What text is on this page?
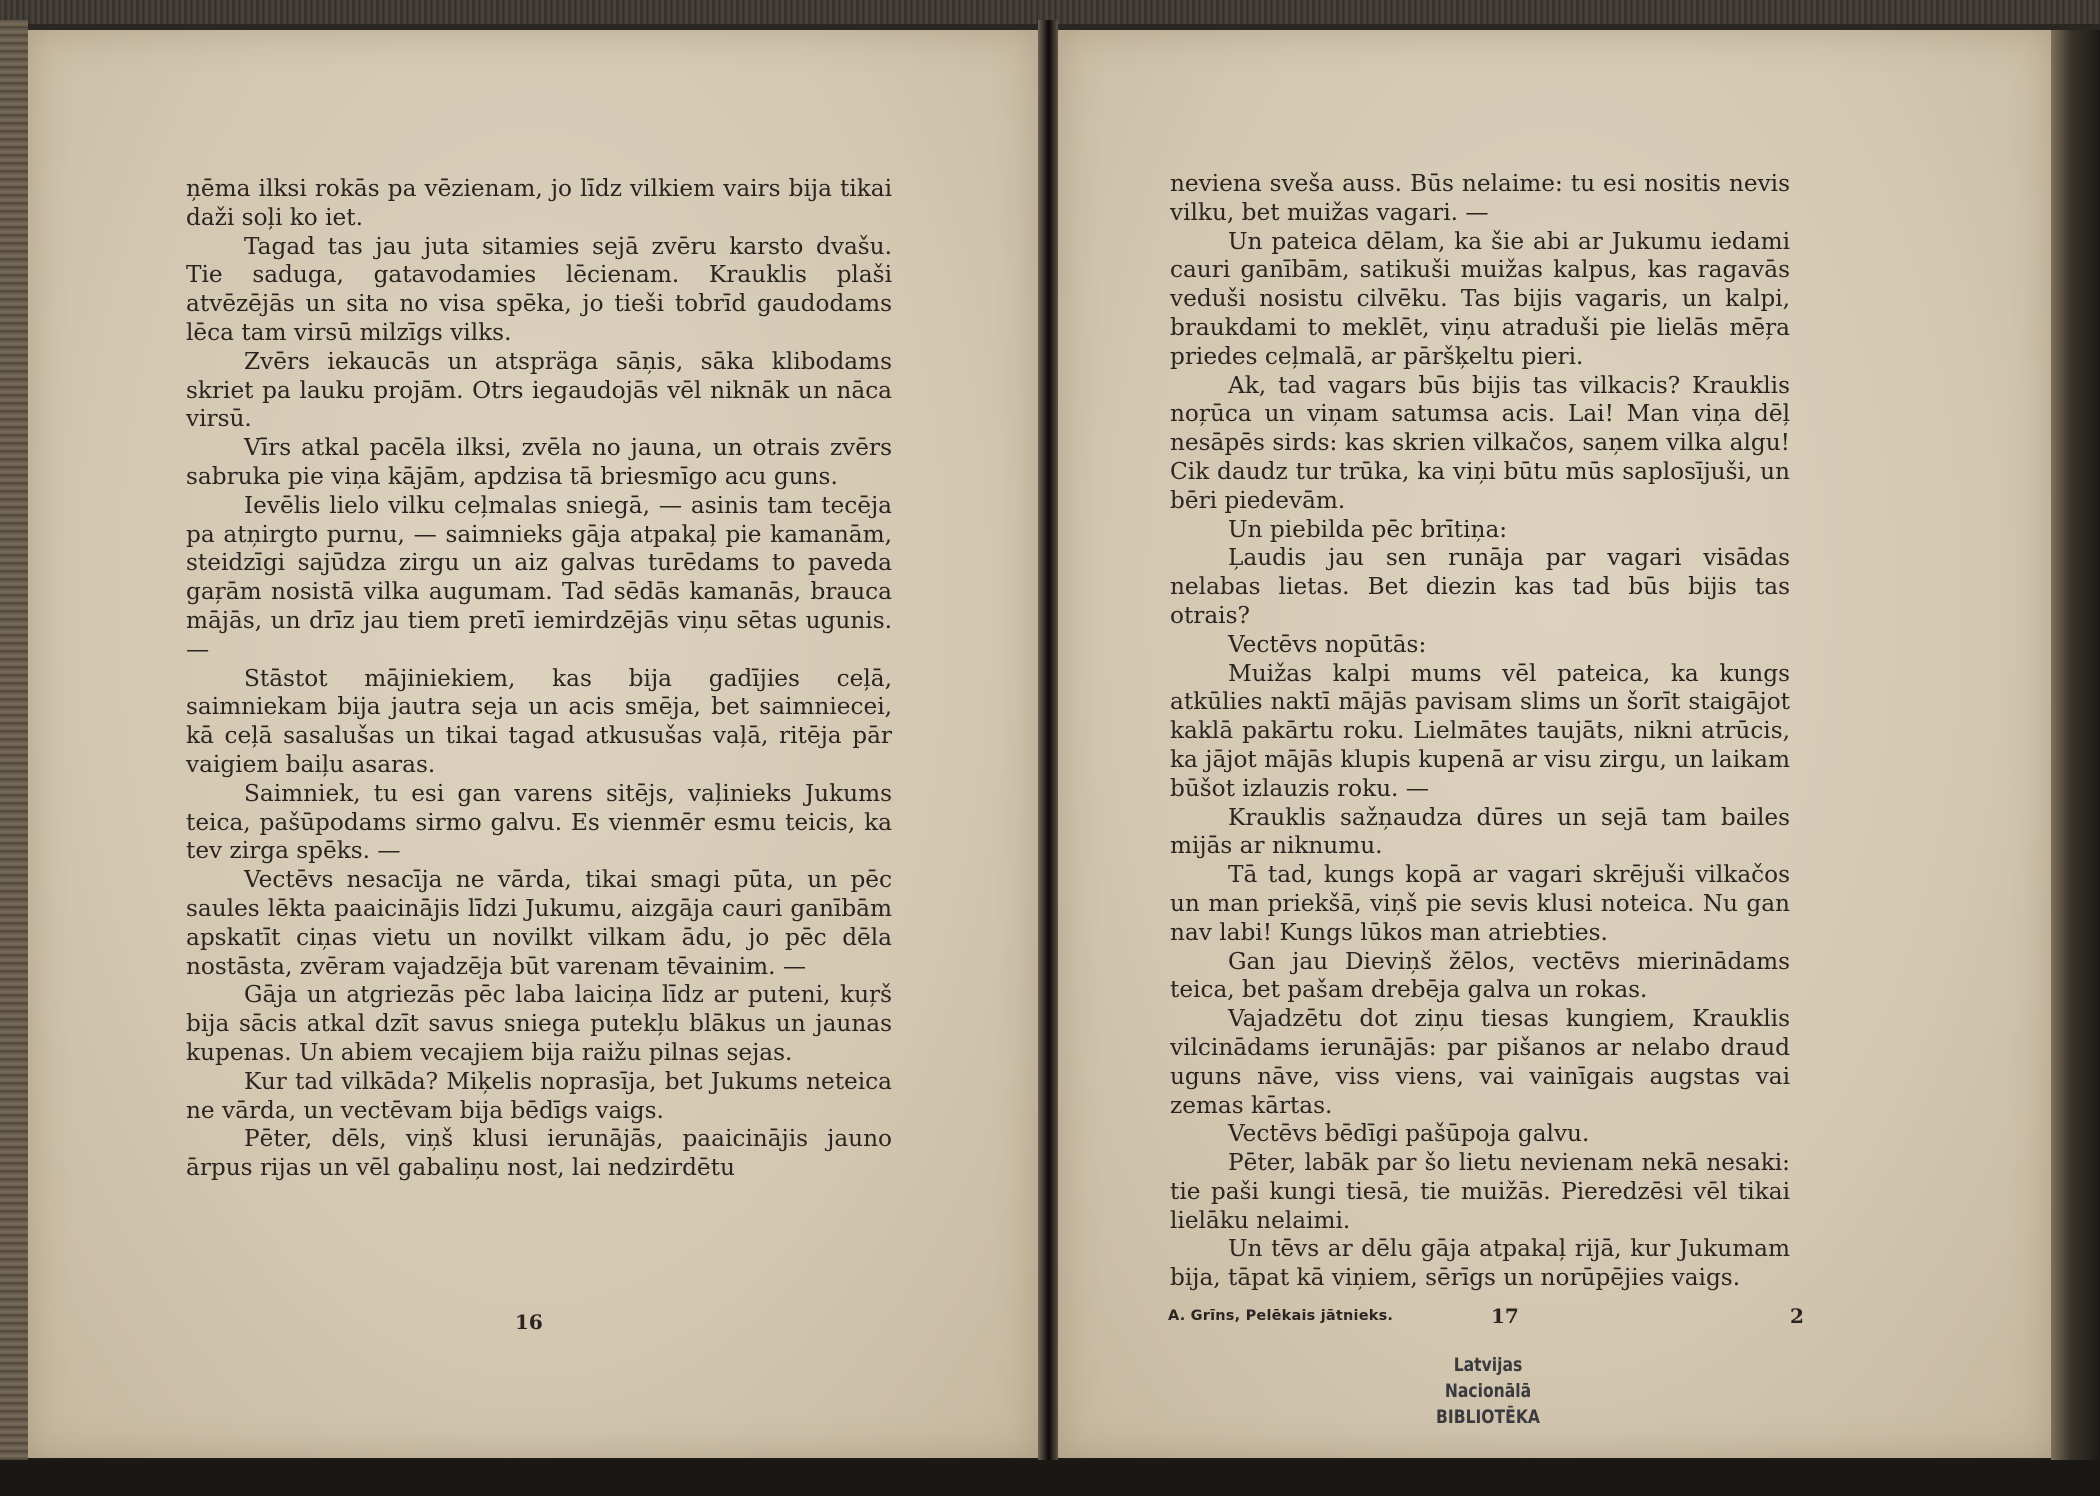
ņēma ilksi rokās pa vēzienam, jo līdz vilkiem vairs bija tikai daži soļi ko iet.

Tagad tas jau juta sitamies sejā zvēru karsto dvašu. Tie saduga, gatavodamies lēcienam. Krauklis plaši atvēzējās un sita no visa spēka, jo tieši tobrīd gaudodams lēca tam virsū milzīgs vilks.

Zvērs iekaucās un atspräga sāņis, sāka klibodams skriet pa lauku projām. Otrs iegaudojās vēl niknāk un nāca virsū.

Vīrs atkal pacēla ilksi, zvēla no jauna, un otrais zvērs sabruka pie viņa kājām, apdzisa tā briesmīgo acu guns.

Ievēlis lielo vilku ceļmalas sniegā, — asinis tam tecēja pa atņirgto purnu, — saimnieks gāja atpakaļ pie kamanām, steidzīgi sajūdza zirgu un aiz galvas turēdams to paveda gaŗām nosistā vilka augumam. Tad sēdās kamanās, brauca mājās, un drīz jau tiem pretī iemirdzējās viņu sētas ugunis. —

Stāstot mājiniekiem, kas bija gadījies ceļā, saimniekam bija jautra seja un acis smēja, bet saimniecei, kā ceļā sasalušas un tikai tagad atkusušas vaļā, ritēja pār vaigiem baiļu asaras.

Saimniek, tu esi gan varens sitējs, vaļinieks Jukums teica, pašūpodams sirmo galvu. Es vienmēr esmu teicis, ka tev zirga spēks. —

Vectēvs nesacīja ne vārda, tikai smagi pūta, un pēc saules lēkta paaicinājis līdzi Jukumu, aizgāja cauri ganībām apskatīt ciņas vietu un novilkt vilkam ādu, jo pēc dēla nostāsta, zvēram vajadzēja būt varenam tēvainim. —

Gāja un atgriezās pēc laba laiciņa līdz ar puteni, kuŗš bija sācis atkal dzīt savus sniega putekļu blākus un jaunas kupenas. Un abiem vecajiem bija raižu pilnas sejas.

Kur tad vilkāda? Miķelis noprasīja, bet Jukums neteica ne vārda, un vectēvam bija bēdīgs vaigs.

Pēter, dēls, viņš klusi ierunājās, paaicinājis jauno ārpus rijas un vēl gabaliņu nost, lai nedzirdētu

16

neviena sveša auss. Būs nelaime: tu esi nositis nevis vilku, bet muižas vagari. —

Un pateica dēlam, ka šie abi ar Jukumu iedami cauri ganībām, satikuši muižas kalpus, kas ragavās veduši nosistu cilvēku. Tas bijis vagaris, un kalpi, braukdami to meklēt, viņu atraduši pie lielās mēŗa priedes ceļmalā, ar pāršķeltu pieri.

Ak, tad vagars būs bijis tas vilkacis? Krauklis noŗūca un viņam satumsa acis. Lai! Man viņa dēļ nesāpēs sirds: kas skrien vilkačos, saņem vilka algu! Cik daudz tur trūka, ka viņi būtu mūs saplosījuši, un bēri piedevām.

Un piebilda pēc brītiņa:

Ļaudis jau sen runāja par vagari visādas nelabas lietas. Bet diezin kas tad būs bijis tas otrais?

Vectēvs nopūtās:

Muižas kalpi mums vēl pateica, ka kungs atkūlies naktī mājās pavisam slims un šorīt staigājot kaklā pakārtu roku. Lielmātes taujāts, nikni atrūcis, ka jājot mājās klupis kupenā ar visu zirgu, un laikam būšot izlauzis roku. —

Krauklis sažņaudza dūres un sejā tam bailes mijās ar niknumu.

Tā tad, kungs kopā ar vagari skrējuši vilkačos un man priekšā, viņš pie sevis klusi noteica. Nu gan nav labi! Kungs lūkos man atriebties.

Gan jau Dieviņš žēlos, vectēvs mierinādams teica, bet pašam drebēja galva un rokas.

Vajadzētu dot ziņu tiesas kungiem, Krauklis vilcinādams ierunājās: par pišanos ar nelabo draud uguns nāve, viss viens, vai vainīgais augstas vai zemas kārtas.

Vectēvs bēdīgi pašūpoja galvu.

Pēter, labāk par šo lietu nevienam nekā nesaki: tie paši kungi tiesā, tie muižās. Pieredzēsi vēl tikai lielāku nelaimi.

Un tēvs ar dēlu gāja atpakaļ rijā, kur Jukumam bija, tāpat kā viņiem, sērīgs un norūpējies vaigs.

A. Grīns, Pelēkais jātnieks.	17	2
Latvijas Nacionālā
BIBLIOTĒKA
